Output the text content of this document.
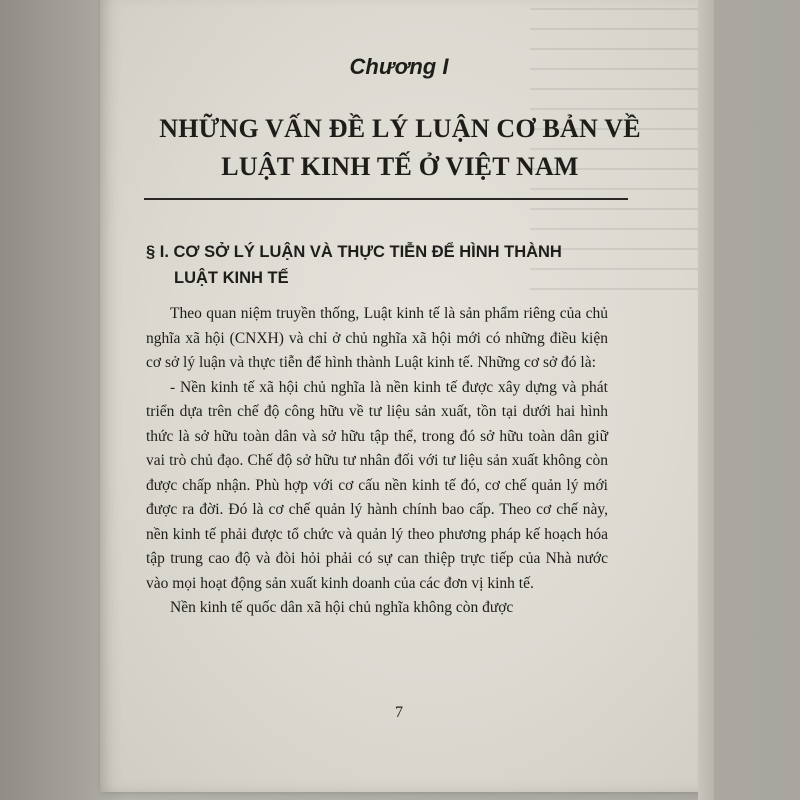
Chương I
NHỮNG VẤN ĐỀ LÝ LUẬN CƠ BẢN VỀ LUẬT KINH TẾ Ở VIỆT NAM
§ I. CƠ SỞ LÝ LUẬN VÀ THỰC TIỄN ĐỂ HÌNH THÀNH
LUẬT KINH TẾ

Theo quan niệm truyền thống, Luật kinh tế là sản phẩm riêng của chủ nghĩa xã hội (CNXH) và chỉ ở chủ nghĩa xã hội mới có những điều kiện cơ sở lý luận và thực tiễn để hình thành Luật kinh tế. Những cơ sở đó là:

- Nền kinh tế xã hội chủ nghĩa là nền kinh tế được xây dựng và phát triển dựa trên chế độ công hữu về tư liệu sản xuất, tồn tại dưới hai hình thức là sở hữu toàn dân và sở hữu tập thể, trong đó sở hữu toàn dân giữ vai trò chủ đạo. Chế độ sở hữu tư nhân đối với tư liệu sản xuất không còn được chấp nhận. Phù hợp với cơ cấu nền kinh tế đó, cơ chế quản lý mới được ra đời. Đó là cơ chế quản lý hành chính bao cấp. Theo cơ chế này, nền kinh tế phải được tổ chức và quản lý theo phương pháp kế hoạch hóa tập trung cao độ và đòi hỏi phải có sự can thiệp trực tiếp của Nhà nước vào mọi hoạt động sản xuất kinh doanh của các đơn vị kinh tế.

Nền kinh tế quốc dân xã hội chủ nghĩa không còn được

7
